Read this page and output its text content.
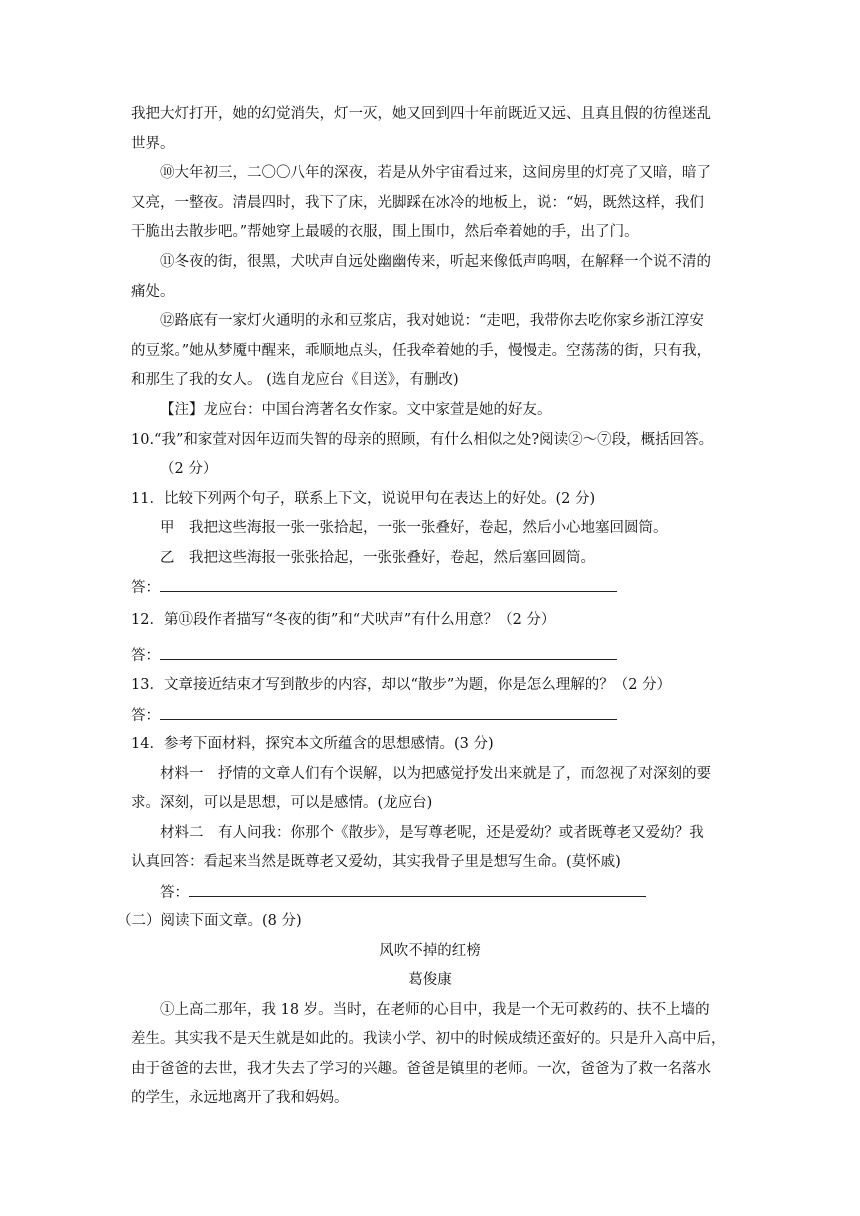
我把大灯打开，她的幻觉消失，灯一灭，她又回到四十年前既近又远、且真且假的彷徨迷乱
世界。
⑩大年初三，二〇〇八年的深夜，若是从外宇宙看过来，这间房里的灯亮了又暗，暗了
又亮，一整夜。清晨四时，我下了床，光脚踩在冰冷的地板上，说：“妈，既然这样，我们
干脆出去散步吧。”帮她穿上最暖的衣服，围上围巾，然后牵着她的手，出了门。
⑪冬夜的街，很黑，犬吠声自远处幽幽传来，听起来像低声呜咽，在解释一个说不清的
痛处。
⑫路底有一家灯火通明的永和豆浆店，我对她说：“走吧，我带你去吃你家乡浙江淳安
的豆浆。”她从梦魇中醒来，乖顺地点头，任我牵着她的手，慢慢走。空荡荡的街，只有我，
和那生了我的女人。 (选自龙应台《目送》，有删改)
【注】龙应台：中国台湾著名女作家。文中家萱是她的好友。
10.“我”和家萱对因年迈而失智的母亲的照顾，有什么相似之处?阅读②～⑦段，概括回答。
（2 分）
11．比较下列两个句子，联系上下文，说说甲句在表达上的好处。(2 分)
甲　我把这些海报一张一张拾起，一张一张叠好，卷起，然后小心地塞回圆筒。
乙　我把这些海报一张张拾起，一张张叠好，卷起，然后塞回圆筒。
答：
12．第⑪段作者描写“冬夜的街”和“犬吠声”有什么用意？（2 分）
答：
13．文章接近结束才写到散步的内容，却以“散步”为题，你是怎么理解的？（2 分）
答：
14．参考下面材料，探究本文所蕴含的思想感情。(3 分)
材料一　抒情的文章人们有个误解，以为把感觉抒发出来就是了，而忽视了对深刻的要
求。深刻，可以是思想，可以是感情。(龙应台)
材料二　有人问我：你那个《散步》，是写尊老呢，还是爱幼？或者既尊老又爱幼？我
认真回答：看起来当然是既尊老又爱幼，其实我骨子里是想写生命。(莫怀戚)
答：
（二）阅读下面文章。(8 分)
风吹不掉的红榜
葛俊康
①上高二那年，我 18 岁。当时，在老师的心目中，我是一个无可救药的、扶不上墙的
差生。其实我不是天生就是如此的。我读小学、初中的时候成绩还蛮好的。只是升入高中后，
由于爸爸的去世，我才失去了学习的兴趣。爸爸是镇里的老师。一次，爸爸为了救一名落水
的学生，永远地离开了我和妈妈。
